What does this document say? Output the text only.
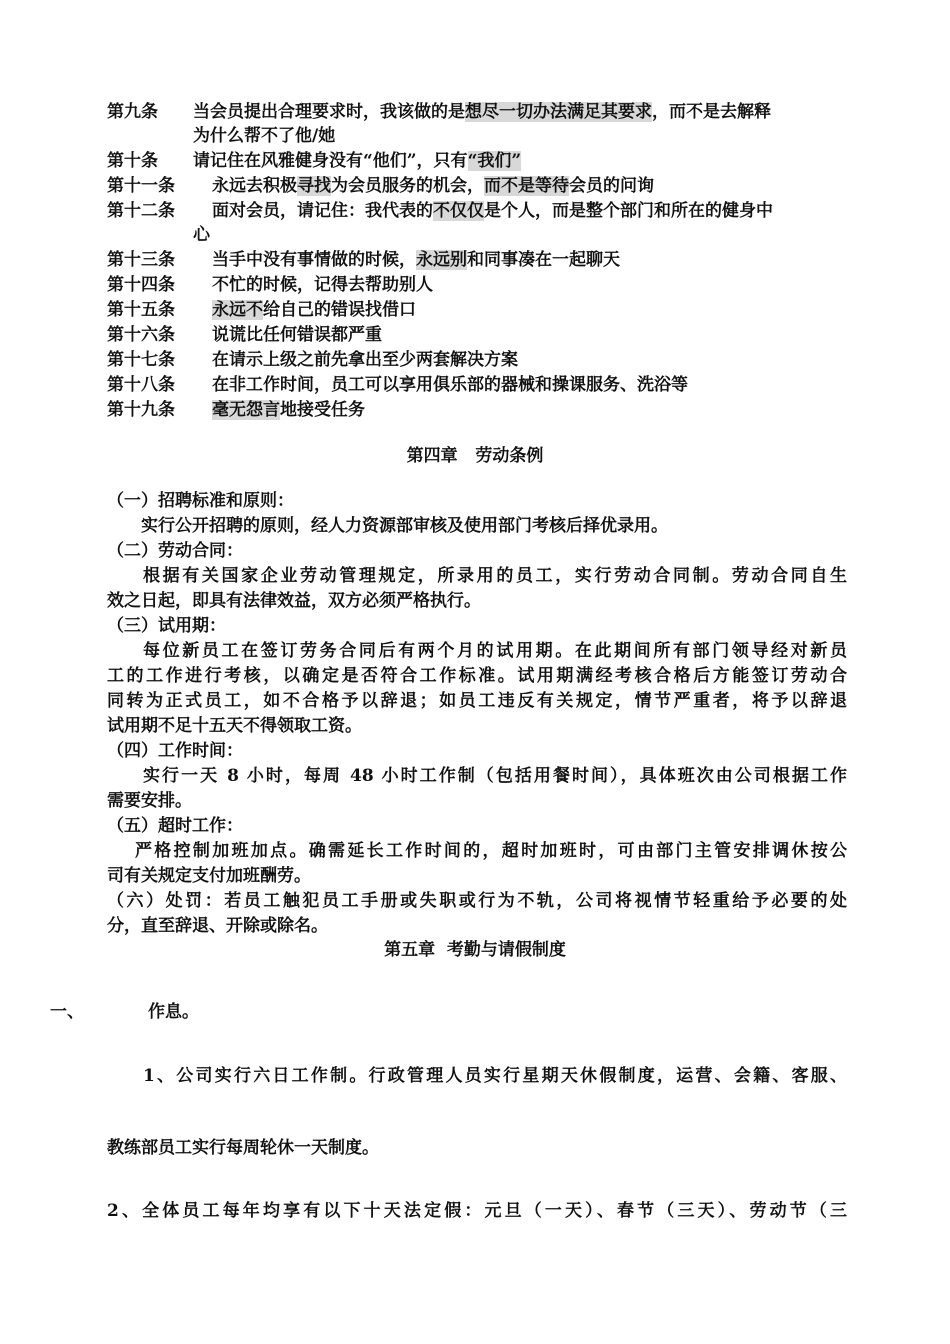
第九条 当会员提出合理要求时，我该做的是想尽一切办法满足其要求，而不是去解释
为什么帮不了他/她
第十条 请记住在风雅健身没有“他们”，只有“我们”
第十一条 永远去积极寻找为会员服务的机会，而不是等待会员的问询
第十二条 面对会员，请记住：我代表的不仅仅是个人，而是整个部门和所在的健身中
心
第十三条 当手中没有事情做的时候，永远别和同事凑在一起聊天
第十四条 不忙的时候，记得去帮助别人
第十五条 永远不给自己的错误找借口
第十六条 说谎比任何错误都严重
第十七条 在请示上级之前先拿出至少两套解决方案
第十八条 在非工作时间，员工可以享用俱乐部的器械和操课服务、洗浴等
第十九条 毫无怨言地接受任务
第四章   劳动条例
（一）招聘标准和原则：
实行公开招聘的原则，经人力资源部审核及使用部门考核后择优录用。
（二）劳动合同：
根据有关国家企业劳动管理规定，所录用的员工，实行劳动合同制。劳动合同自生
效之日起，即具有法律效益，双方必须严格执行。
（三）试用期：
每位新员工在签订劳务合同后有两个月的试用期。在此期间所有部门领导经对新员
工的工作进行考核，以确定是否符合工作标准。试用期满经考核合格后方能签订劳动合
同转为正式员工，如不合格予以辞退；如员工违反有关规定，情节严重者，将予以辞退
试用期不足十五天不得领取工资。
（四）工作时间：
实行一天 8 小时，每周 48 小时工作制（包括用餐时间），具体班次由公司根据工作
需要安排。
（五）超时工作：
严格控制加班加点。确需延长工作时间的，超时加班时，可由部门主管安排调休按公
司有关规定支付加班酬劳。
（六）处罚：若员工触犯员工手册或失职或行为不轨，公司将视情节轻重给予必要的处
分，直至辞退、开除或除名。
第五章  考勤与请假制度
一、	作息。
1、公司实行六日工作制。行政管理人员实行星期天休假制度，运营、会籍、客服、
教练部员工实行每周轮休一天制度。
2、全体员工每年均享有以下十天法定假：元旦（一天）、春节（三天）、劳动节（三
